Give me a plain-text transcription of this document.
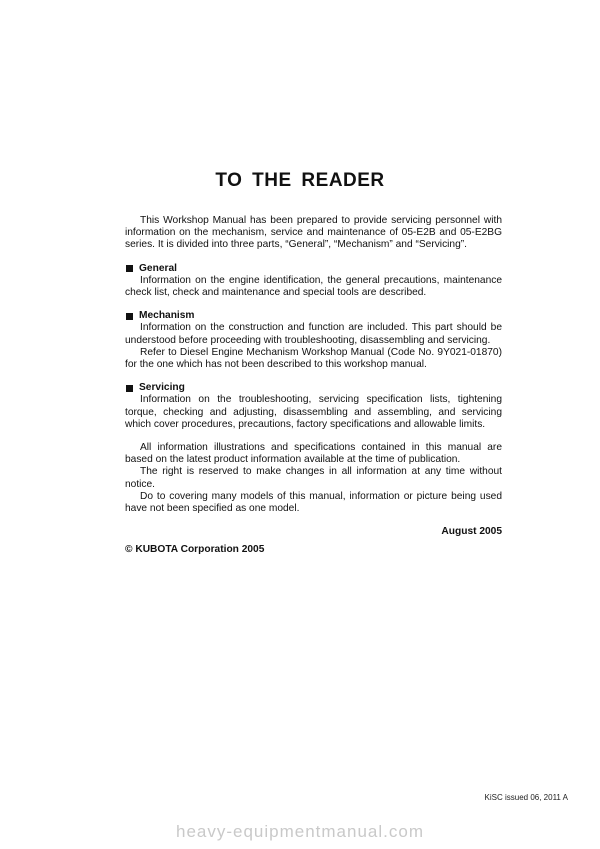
TO THE READER

This Workshop Manual has been prepared to provide servicing personnel with information on the mechanism, service and maintenance of 05-E2B and 05-E2BG series. It is divided into three parts, “General”, “Mechanism” and “Servicing”.

General

Information on the engine identification, the general precautions, maintenance check list, check and maintenance and special tools are described.

Mechanism

Information on the construction and function are included. This part should be understood before proceeding with troubleshooting, disassembling and servicing.

Refer to Diesel Engine Mechanism Workshop Manual (Code No. 9Y021-01870) for the one which has not been described to this workshop manual.

Servicing

Information on the troubleshooting, servicing specification lists, tightening torque, checking and adjusting, disassembling and assembling, and servicing which cover procedures, precautions, factory specifications and allowable limits.

All information illustrations and specifications contained in this manual are based on the latest product information available at the time of publication.

The right is reserved to make changes in all information at any time without notice.

Do to covering many models of this manual, information or picture being used have not been specified as one model.

August 2005
© KUBOTA Corporation 2005
KiSC issued 06, 2011 A
heavy-equipmentmanual.com
